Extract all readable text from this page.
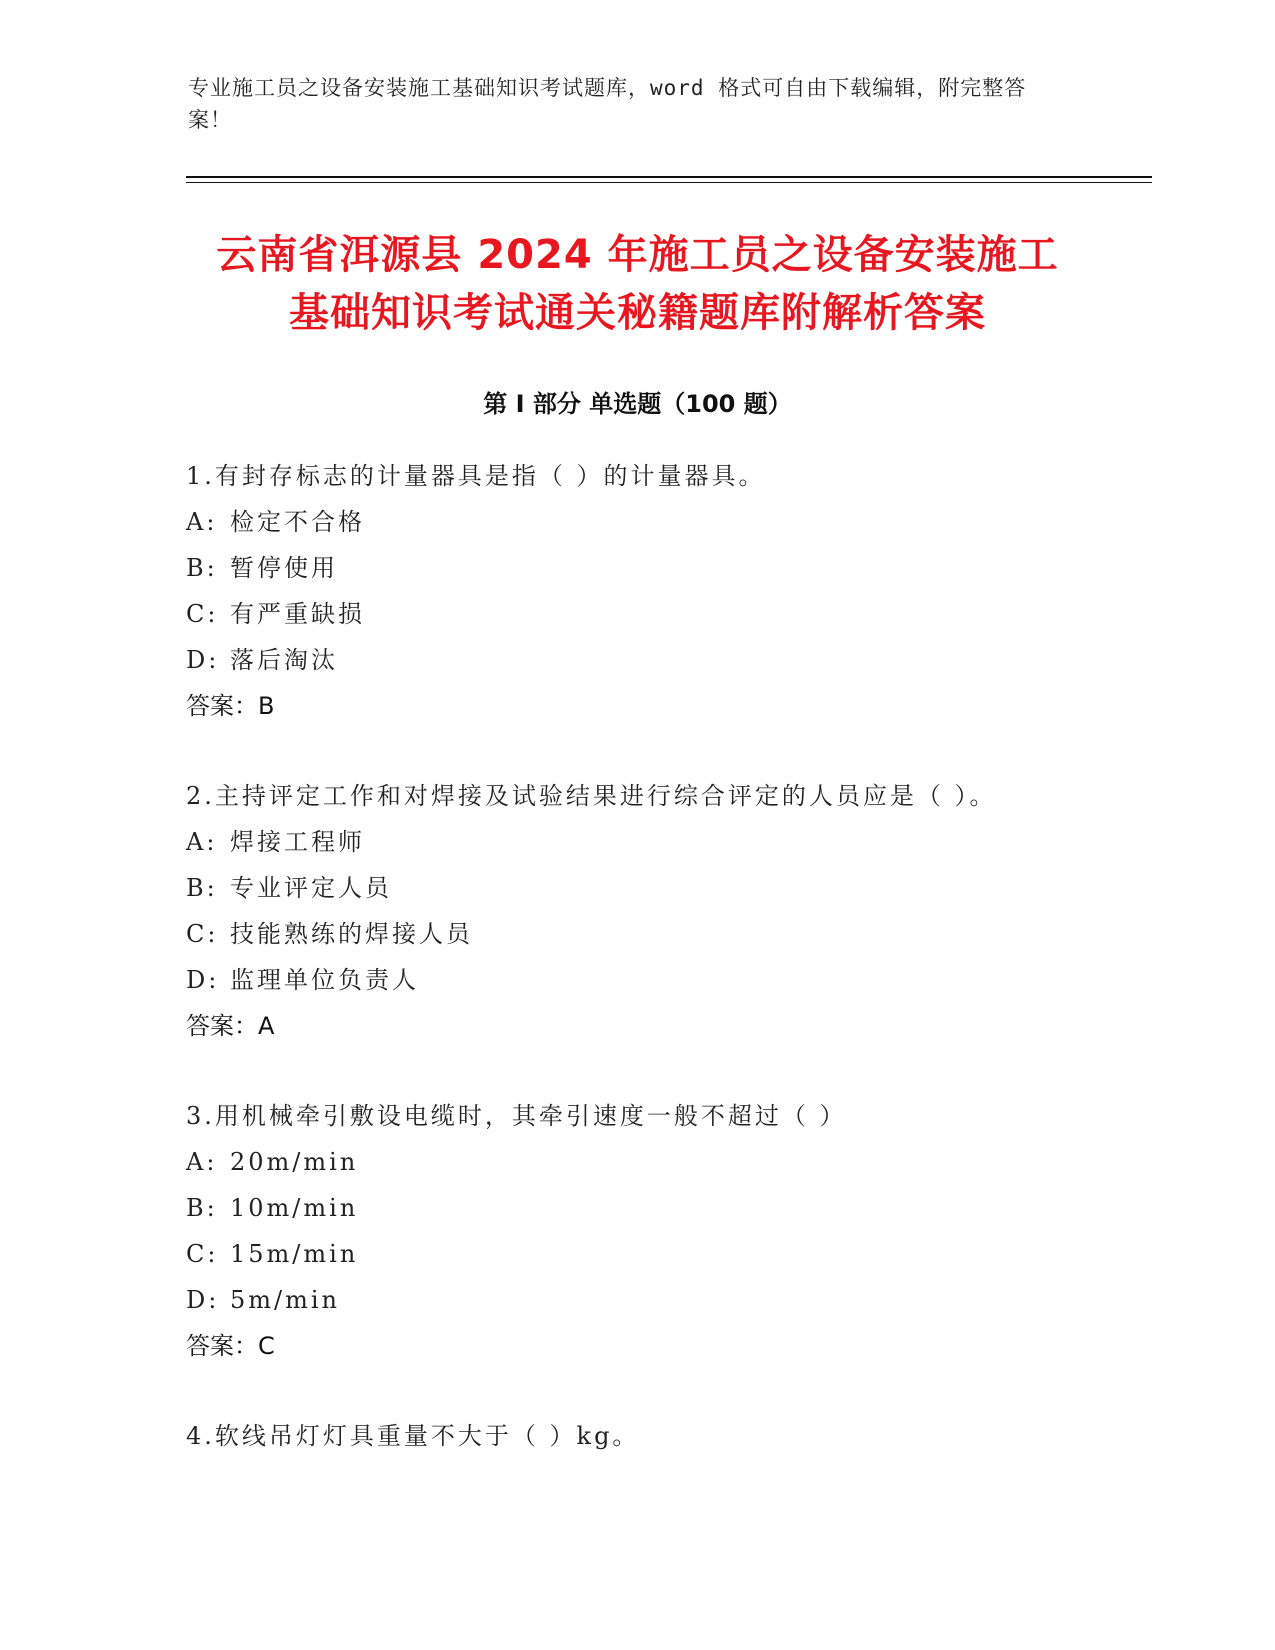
专业施工员之设备安装施工基础知识考试题库，word 格式可自由下载编辑，附完整答案！
云南省洱源县 2024 年施工员之设备安装施工
基础知识考试通关秘籍题库附解析答案
第 I 部分 单选题（100 题）
1.有封存标志的计量器具是指（ ）的计量器具。
A: 检定不合格
B: 暂停使用
C: 有严重缺损
D: 落后淘汰
答案：B
2.主持评定工作和对焊接及试验结果进行综合评定的人员应是（ ）。
A: 焊接工程师
B: 专业评定人员
C: 技能熟练的焊接人员
D: 监理单位负责人
答案：A
3.用机械牵引敷设电缆时，其牵引速度一般不超过（ ）
A: 20m/min
B: 10m/min
C: 15m/min
D: 5m/min
答案：C
4.软线吊灯灯具重量不大于（ ）kg。
